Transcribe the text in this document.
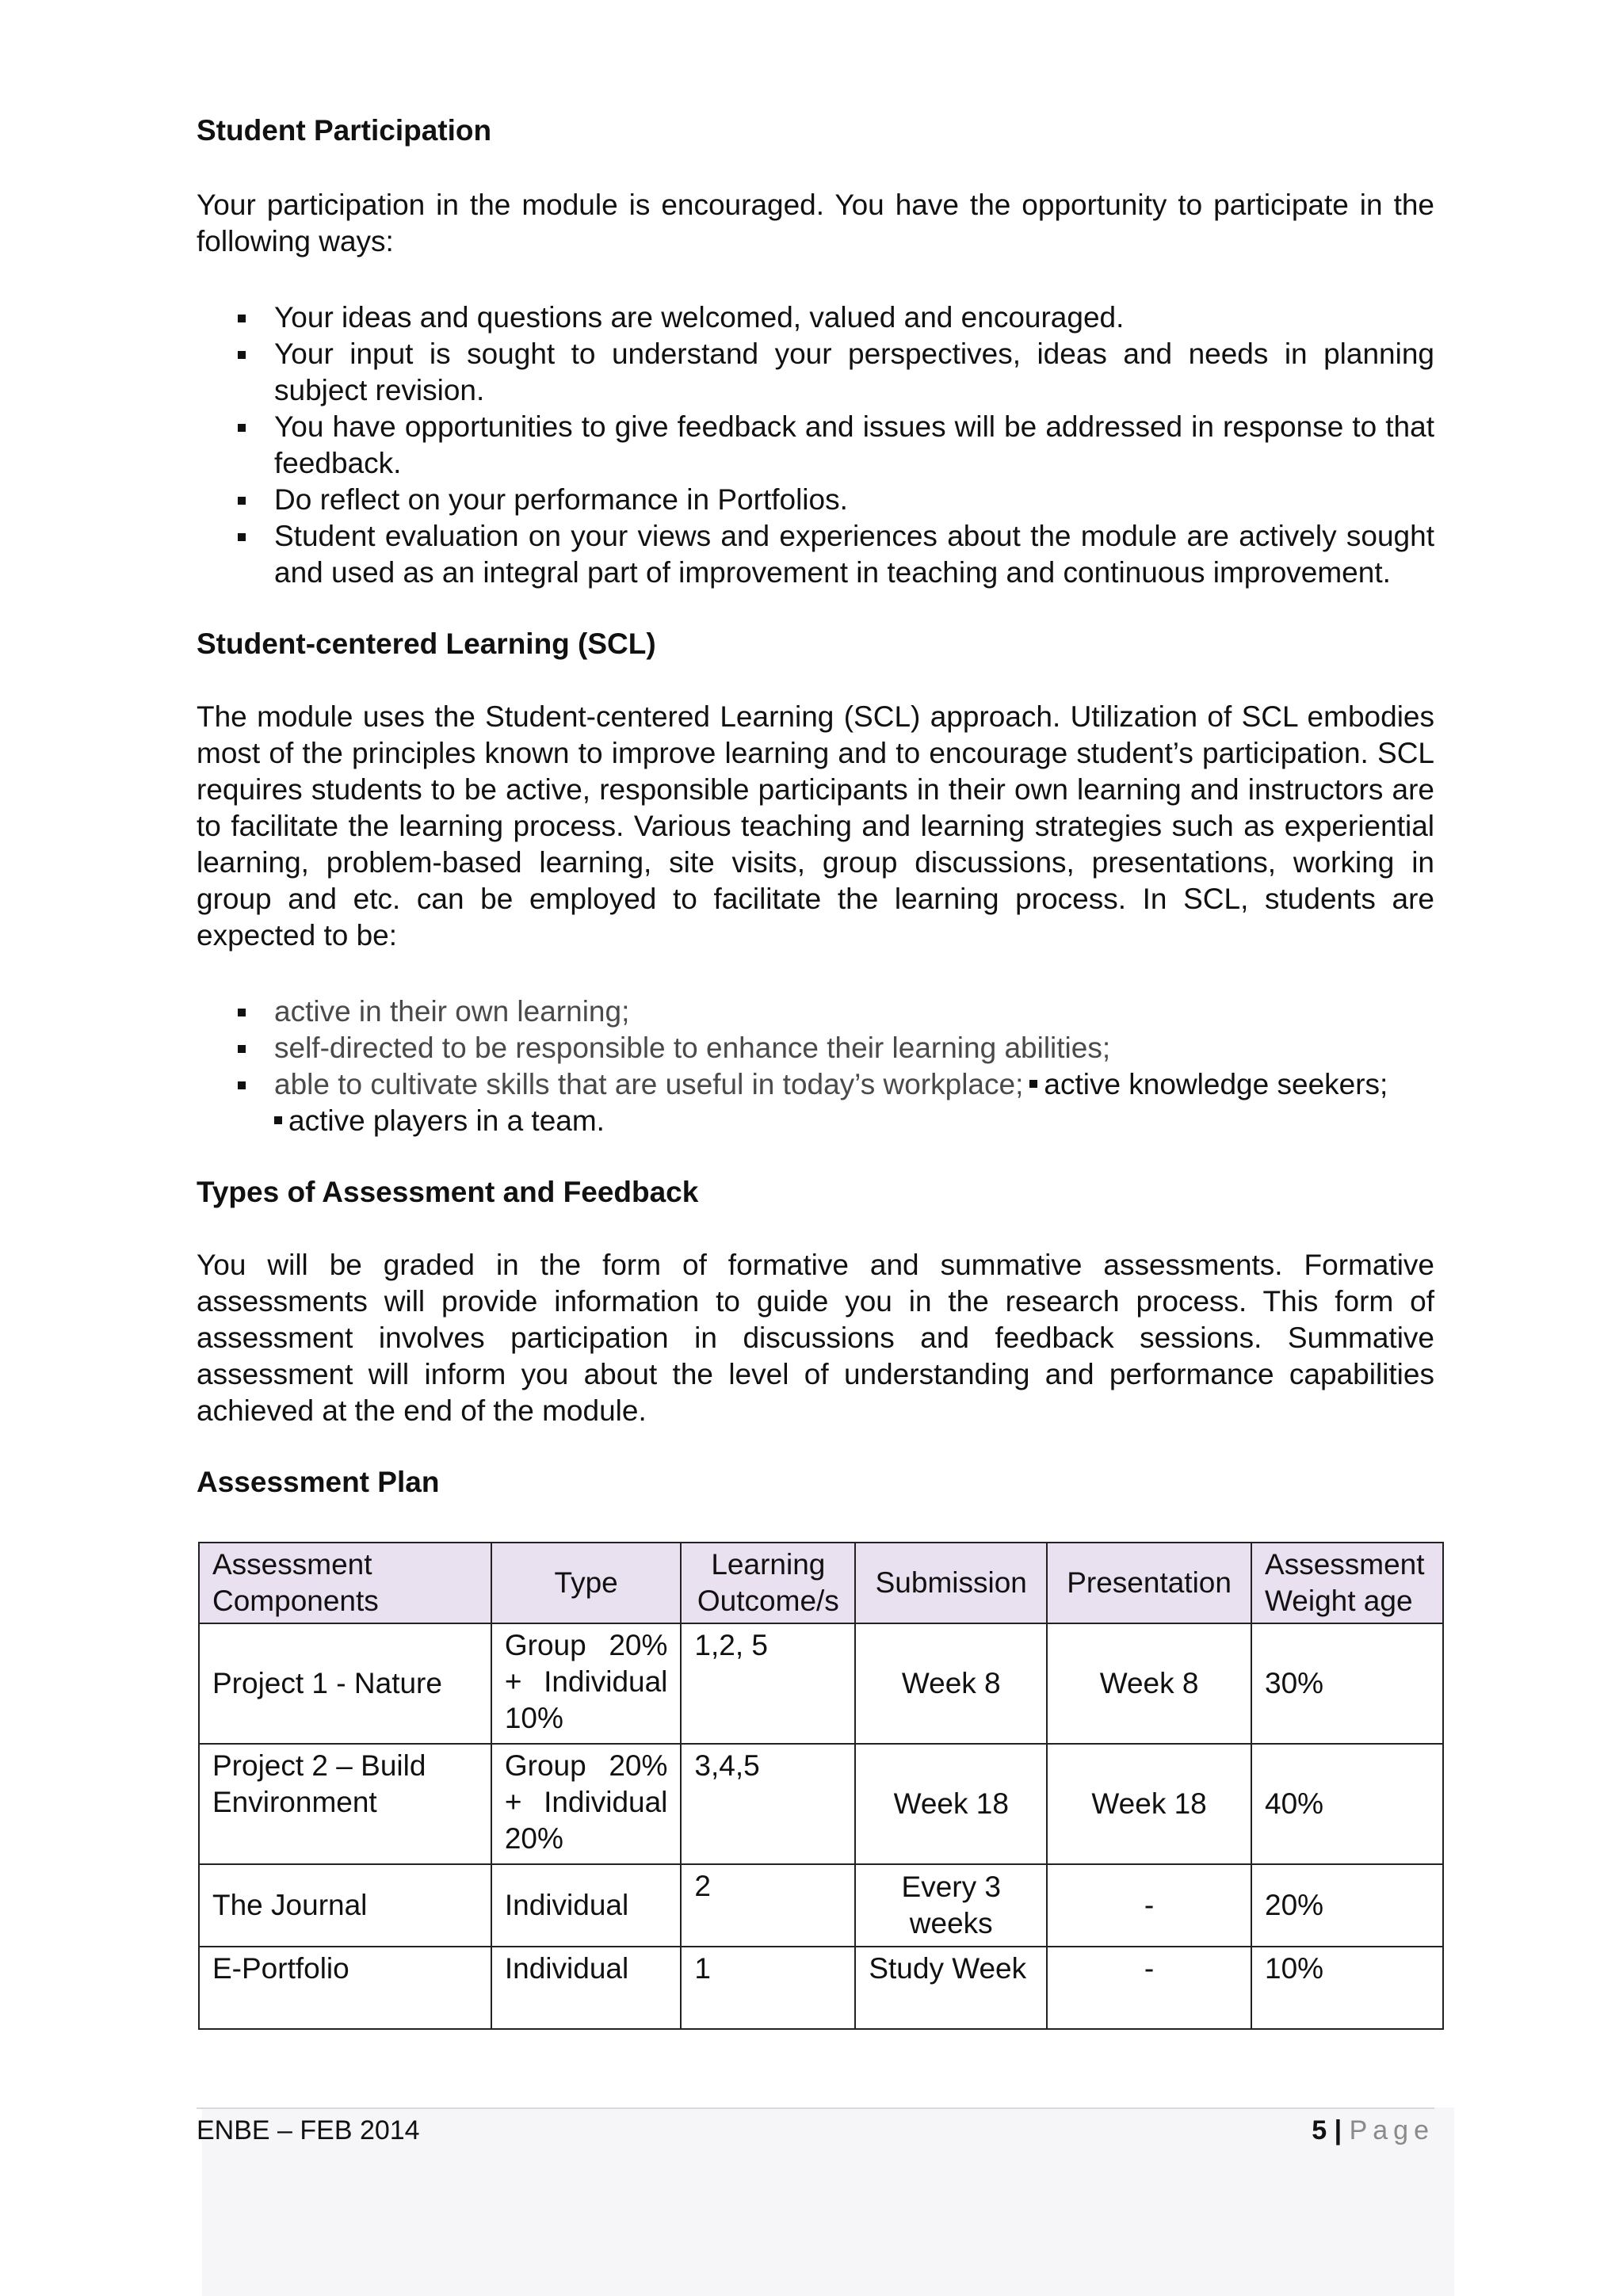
Student Participation

Your participation in the module is encouraged. You have the opportunity to participate in the following ways:

Your ideas and questions are welcomed, valued and encouraged.
Your input is sought to understand your perspectives, ideas and needs in planning subject revision.
You have opportunities to give feedback and issues will be addressed in response to that feedback.
Do reflect on your performance in Portfolios.
Student evaluation on your views and experiences about the module are actively sought and used as an integral part of improvement in teaching and continuous improvement.
Student-centered Learning (SCL)

The module uses the Student-centered Learning (SCL) approach. Utilization of SCL embodies most of the principles known to improve learning and to encourage student’s participation. SCL requires students to be active, responsible participants in their own learning and instructors are to facilitate the learning process. Various teaching and learning strategies such as experiential learning, problem-based learning, site visits, group discussions, presentations, working in group and etc. can be employed to facilitate the learning process. In SCL, students are expected to be:

active in their own learning;
self-directed to be responsible to enhance their learning abilities;
able to cultivate skills that are useful in today’s workplace; active knowledge seekers;
active players in a team.
Types of Assessment and Feedback

You will be graded in the form of formative and summative assessments. Formative assessments will provide information to guide you in the research process. This form of assessment involves participation in discussions and feedback sessions. Summative assessment will inform you about the level of understanding and performance capabilities achieved at the end of the module.

Assessment Plan
Assessment Components	Type	Learning Outcome/s	Submission	Presentation	Assessment Weight age
Project 1 - Nature	Group 20% + Individual 10%	1,2, 5	Week 8	Week 8	30%
Project 2 – Build Environment	Group 20% + Individual 20%	3,4,5	Week 18	Week 18	40%
The Journal	Individual	2	Every 3 weeks	-	20%
E-Portfolio	Individual	1	Study Week	-	10%
ENBE – FEB 2014	5 | Page
